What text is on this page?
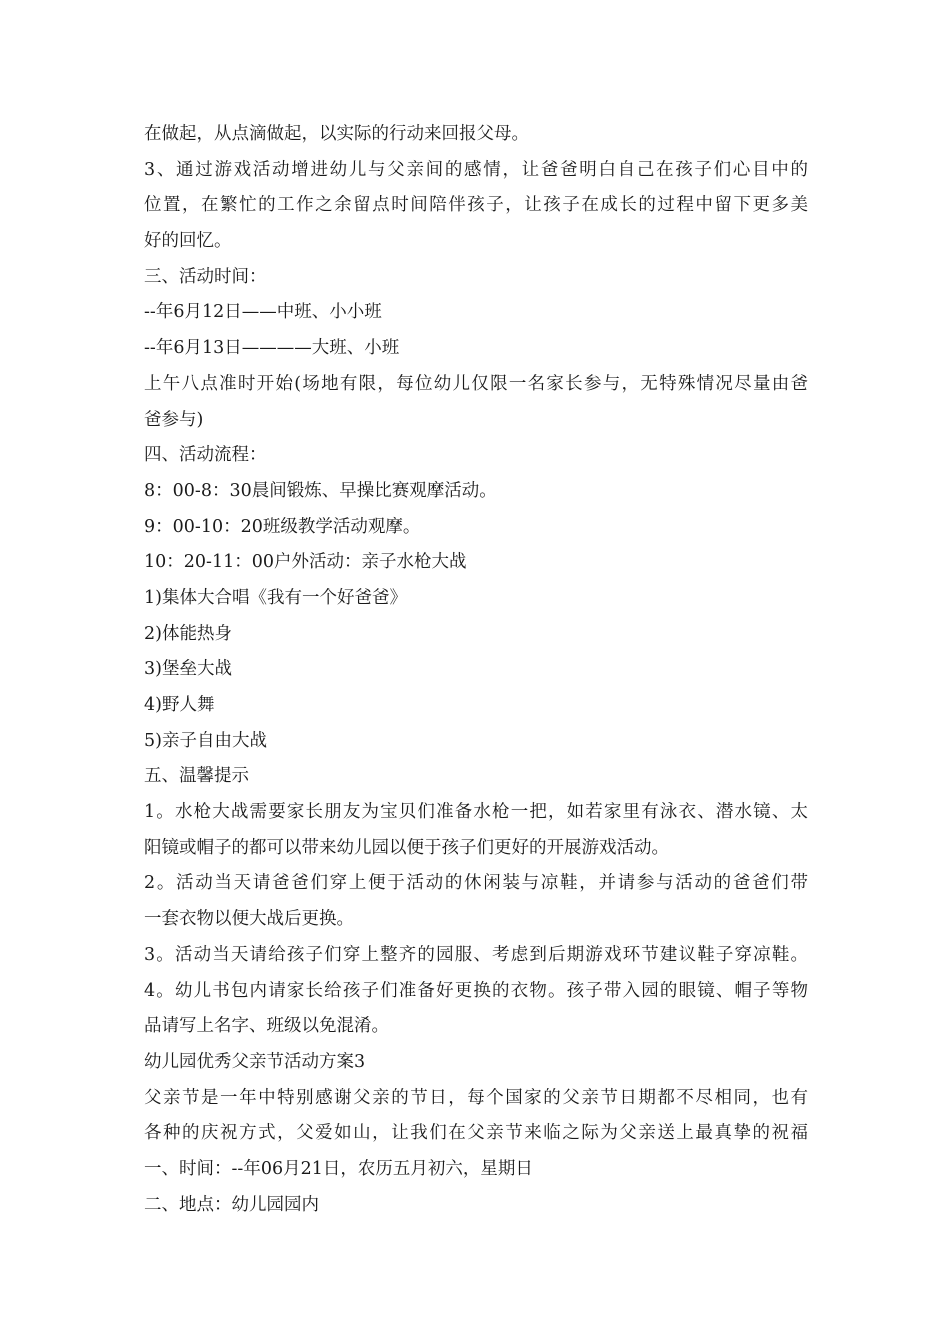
在做起，从点滴做起，以实际的行动来回报父母。
3、通过游戏活动增进幼儿与父亲间的感情，让爸爸明白自己在孩子们心目中的
位置，在繁忙的工作之余留点时间陪伴孩子，让孩子在成长的过程中留下更多美
好的回忆。
三、活动时间：
--年6月12日——中班、小小班
--年6月13日————大班、小班
上午八点准时开始(场地有限，每位幼儿仅限一名家长参与，无特殊情况尽量由爸
爸参与)
四、活动流程：
8：00-8：30晨间锻炼、早操比赛观摩活动。
9：00-10：20班级教学活动观摩。
10：20-11：00户外活动：亲子水枪大战
1)集体大合唱《我有一个好爸爸》
2)体能热身
3)堡垒大战
4)野人舞
5)亲子自由大战
五、温馨提示
1。水枪大战需要家长朋友为宝贝们准备水枪一把，如若家里有泳衣、潜水镜、太
阳镜或帽子的都可以带来幼儿园以便于孩子们更好的开展游戏活动。
2。活动当天请爸爸们穿上便于活动的休闲装与凉鞋，并请参与活动的爸爸们带
一套衣物以便大战后更换。
3。活动当天请给孩子们穿上整齐的园服、考虑到后期游戏环节建议鞋子穿凉鞋。
4。幼儿书包内请家长给孩子们准备好更换的衣物。孩子带入园的眼镜、帽子等物
品请写上名字、班级以免混淆。
幼儿园优秀父亲节活动方案3
父亲节是一年中特别感谢父亲的节日，每个国家的父亲节日期都不尽相同，也有
各种的庆祝方式，父爱如山，让我们在父亲节来临之际为父亲送上最真挚的祝福
一、时间：--年06月21日，农历五月初六，星期日
二、地点：幼儿园园内
